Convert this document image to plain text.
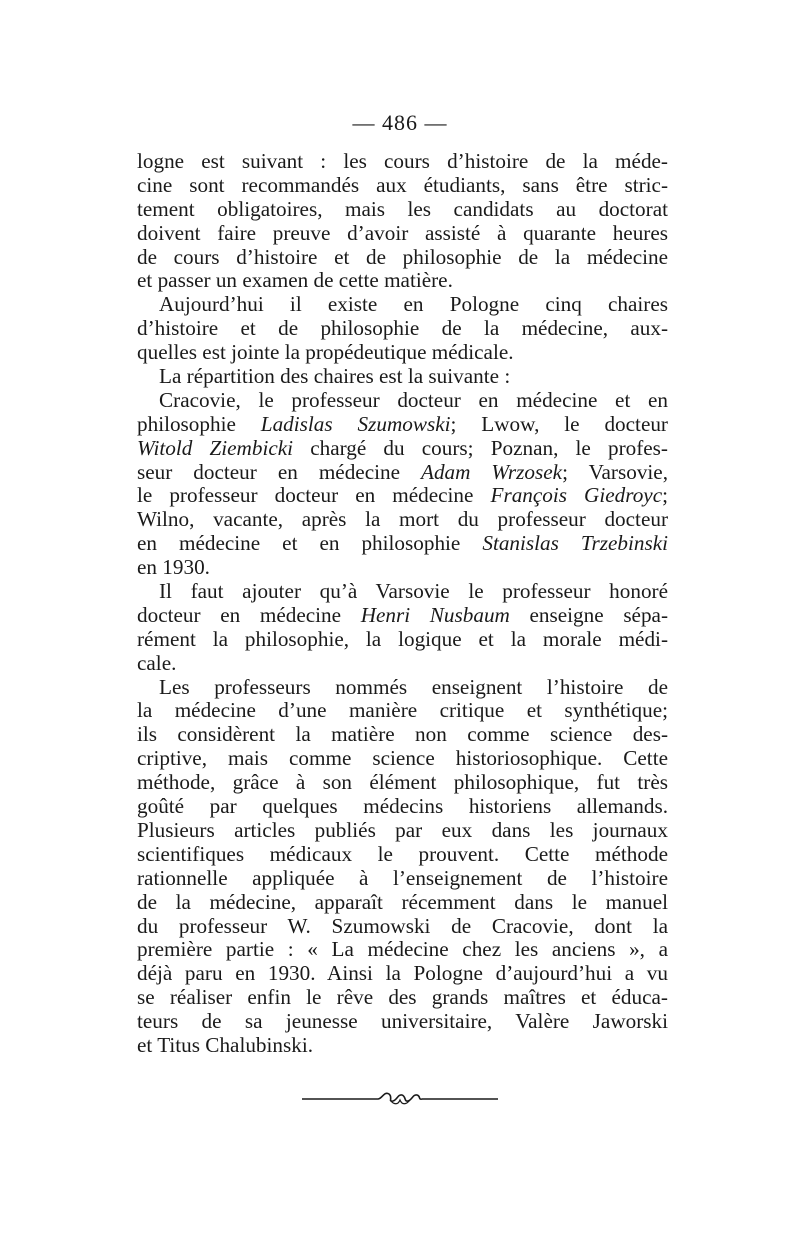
— 486 —
logne est suivant : les cours d’histoire de la méde-
cine sont recommandés aux étudiants, sans être stric-
tement obligatoires, mais les candidats au doctorat
doivent faire preuve d’avoir assisté à quarante heures
de cours d’histoire et de philosophie de la médecine
et passer un examen de cette matière.
Aujourd’hui il existe en Pologne cinq chaires
d’histoire et de philosophie de la médecine, aux-
quelles est jointe la propédeutique médicale.
La répartition des chaires est la suivante :
Cracovie, le professeur docteur en médecine et en
philosophie Ladislas Szumowski; Lwow, le docteur
Witold Ziembicki chargé du cours; Poznan, le profes-
seur docteur en médecine Adam Wrzosek; Varsovie,
le professeur docteur en médecine François Giedroyc;
Wilno, vacante, après la mort du professeur docteur
en médecine et en philosophie Stanislas Trzebinski
en 1930.
Il faut ajouter qu’à Varsovie le professeur honoré
docteur en médecine Henri Nusbaum enseigne sépa-
rément la philosophie, la logique et la morale médi-
cale.
Les professeurs nommés enseignent l’histoire de
la médecine d’une manière critique et synthétique;
ils considèrent la matière non comme science des-
criptive, mais comme science historiosophique. Cette
méthode, grâce à son élément philosophique, fut très
goûté par quelques médecins historiens allemands.
Plusieurs articles publiés par eux dans les journaux
scientifiques médicaux le prouvent. Cette méthode
rationnelle appliquée à l’enseignement de l’histoire
de la médecine, apparaît récemment dans le manuel
du professeur W. Szumowski de Cracovie, dont la
première partie : « La médecine chez les anciens », a
déjà paru en 1930. Ainsi la Pologne d’aujourd’hui a vu
se réaliser enfin le rêve des grands maîtres et éduca-
teurs de sa jeunesse universitaire, Valère Jaworski
et Titus Chalubinski.
